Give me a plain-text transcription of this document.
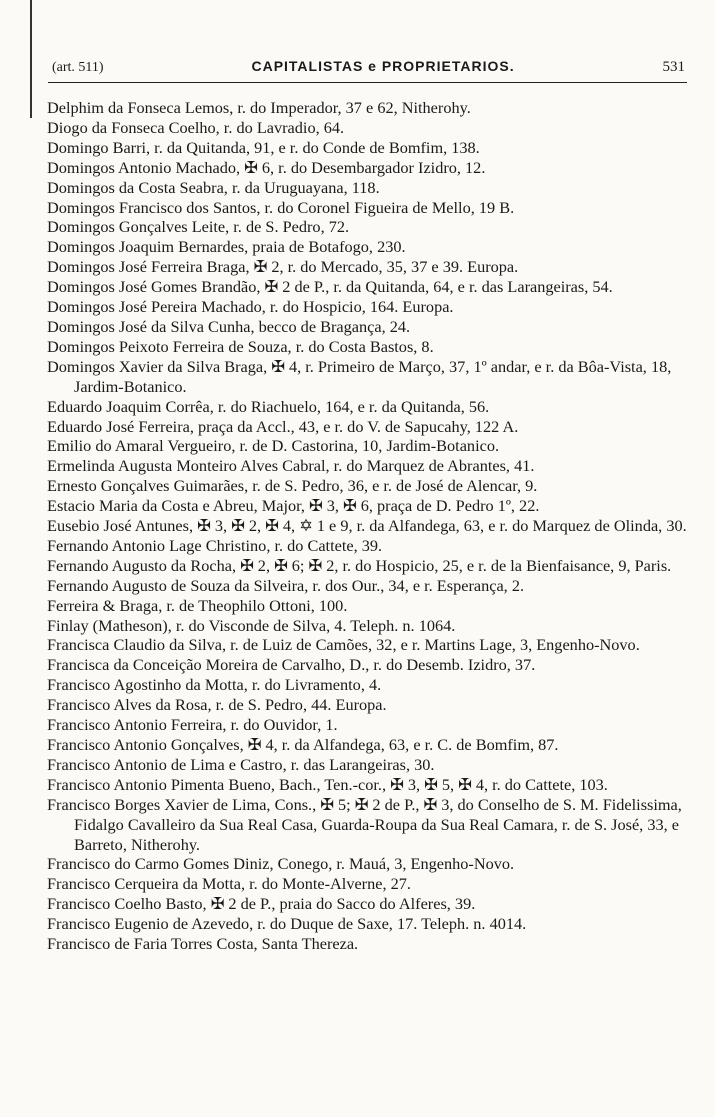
(art. 511)	CAPITALISTAS e PROPRIETARIOS.	531
Delphim da Fonseca Lemos, r. do Imperador, 37 e 62, Nitherohy.
Diogo da Fonseca Coelho, r. do Lavradio, 64.
Domingo Barri, r. da Quitanda, 91, e r. do Conde de Bomfim, 138.
Domingos Antonio Machado, ✠ 6, r. do Desembargador Izidro, 12.
Domingos da Costa Seabra, r. da Uruguayana, 118.
Domingos Francisco dos Santos, r. do Coronel Figueira de Mello, 19 B.
Domingos Gonçalves Leite, r. de S. Pedro, 72.
Domingos Joaquim Bernardes, praia de Botafogo, 230.
Domingos José Ferreira Braga, ✠ 2, r. do Mercado, 35, 37 e 39. Europa.
Domingos José Gomes Brandão, ✠ 2 de P., r. da Quitanda, 64, e r. das Larangeiras, 54.
Domingos José Pereira Machado, r. do Hospicio, 164. Europa.
Domingos José da Silva Cunha, becco de Bragança, 24.
Domingos Peixoto Ferreira de Souza, r. do Costa Bastos, 8.
Domingos Xavier da Silva Braga, ✠ 4, r. Primeiro de Março, 37, 1º andar, e r. da Bôa-Vista, 18, Jardim-Botanico.
Eduardo Joaquim Corrêa, r. do Riachuelo, 164, e r. da Quitanda, 56.
Eduardo José Ferreira, praça da Accl., 43, e r. do V. de Sapucahy, 122 A.
Emilio do Amaral Vergueiro, r. de D. Castorina, 10, Jardim-Botanico.
Ermelinda Augusta Monteiro Alves Cabral, r. do Marquez de Abrantes, 41.
Ernesto Gonçalves Guimarães, r. de S. Pedro, 36, e r. de José de Alencar, 9.
Estacio Maria da Costa e Abreu, Major, ✠ 3, ✠ 6, praça de D. Pedro 1º, 22.
Eusebio José Antunes, ✠ 3, ✠ 2, ✠ 4, ✡ 1 e 9, r. da Alfandega, 63, e r. do Marquez de Olinda, 30.
Fernando Antonio Lage Christino, r. do Cattete, 39.
Fernando Augusto da Rocha, ✠ 2, ✠ 6; ✠ 2, r. do Hospicio, 25, e r. de la Bienfaisance, 9, Paris.
Fernando Augusto de Souza da Silveira, r. dos Our., 34, e r. Esperança, 2.
Ferreira & Braga, r. de Theophilo Ottoni, 100.
Finlay (Matheson), r. do Visconde de Silva, 4. Teleph. n. 1064.
Francisca Claudio da Silva, r. de Luiz de Camões, 32, e r. Martins Lage, 3, Engenho-Novo.
Francisca da Conceição Moreira de Carvalho, D., r. do Desemb. Izidro, 37.
Francisco Agostinho da Motta, r. do Livramento, 4.
Francisco Alves da Rosa, r. de S. Pedro, 44. Europa.
Francisco Antonio Ferreira, r. do Ouvidor, 1.
Francisco Antonio Gonçalves, ✠ 4, r. da Alfandega, 63, e r. C. de Bomfim, 87.
Francisco Antonio de Lima e Castro, r. das Larangeiras, 30.
Francisco Antonio Pimenta Bueno, Bach., Ten.-cor., ✠ 3, ✠ 5, ✠ 4, r. do Cattete, 103.
Francisco Borges Xavier de Lima, Cons., ✠ 5; ✠ 2 de P., ✠ 3, do Conselho de S. M. Fidelissima, Fidalgo Cavalleiro da Sua Real Casa, Guarda-Roupa da Sua Real Camara, r. de S. José, 33, e Barreto, Nitherohy.
Francisco do Carmo Gomes Diniz, Conego, r. Mauá, 3, Engenho-Novo.
Francisco Cerqueira da Motta, r. do Monte-Alverne, 27.
Francisco Coelho Basto, ✠ 2 de P., praia do Sacco do Alferes, 39.
Francisco Eugenio de Azevedo, r. do Duque de Saxe, 17. Teleph. n. 4014.
Francisco de Faria Torres Costa, Santa Thereza.
